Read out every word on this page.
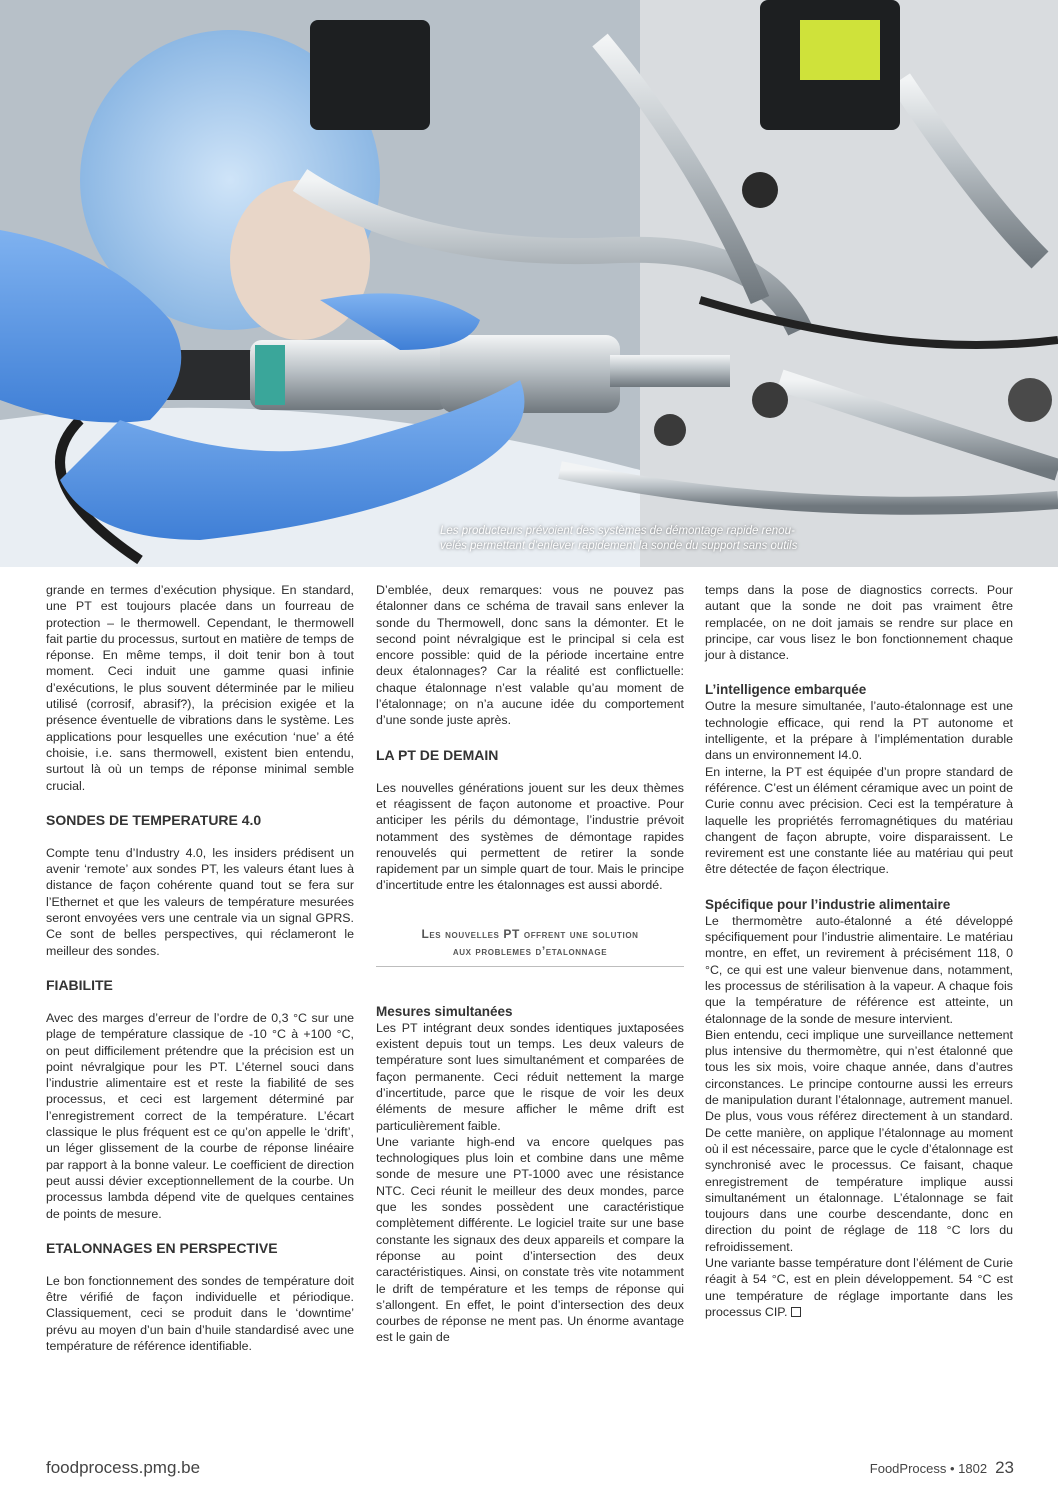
Les producteurs prévoient des systèmes de démontage rapide renou-
velés permettant d’enlever rapidement la sonde du support sans outils

grande en termes d’exécution physique. En standard, une PT est toujours placée dans un fourreau de protection – le thermowell. Cependant, le thermowell fait partie du processus, surtout en matière de temps de réponse. En même temps, il doit tenir bon à tout moment. Ceci induit une gamme quasi infinie d’exécutions, le plus souvent déterminée par le milieu utilisé (corrosif, abrasif?), la précision exigée et la présence éventuelle de vibrations dans le système. Les applications pour lesquelles une exécution ‘nue’ a été choisie, i.e. sans thermowell, existent bien entendu, surtout là où un temps de réponse minimal semble crucial.

SONDES DE TEMPERATURE 4.0

Compte tenu d’Industry 4.0, les insiders prédisent un avenir ‘remote’ aux sondes PT, les valeurs étant lues à distance de façon cohérente quand tout se fera sur l’Ethernet et que les valeurs de température mesurées seront envoyées vers une centrale via un signal GPRS. Ce sont de belles perspectives, qui réclameront le meilleur des sondes.

FIABILITE

Avec des marges d’erreur de l’ordre de 0,3 °C sur une plage de température classique de -10 °C à +100 °C, on peut difficilement prétendre que la précision est un point névralgique pour les PT. L’éternel souci dans l’industrie alimentaire est et reste la fiabilité de ses processus, et ceci est largement déterminé par l’enregistrement correct de la température. L’écart classique le plus fréquent est ce qu’on appelle le ‘drift’, un léger glissement de la courbe de réponse linéaire par rapport à la bonne valeur. Le coefficient de direction peut aussi dévier exceptionnellement de la courbe. Un processus lambda dépend vite de quelques centaines de points de mesure.

ETALONNAGES EN PERSPECTIVE

Le bon fonctionnement des sondes de température doit être vérifié de façon individuelle et périodique. Classiquement, ceci se produit dans le ‘downtime’ prévu au moyen d’un bain d’huile standardisé avec une température de référence identifiable.

D’emblée, deux remarques: vous ne pouvez pas étalonner dans ce schéma de travail sans enlever la sonde du Thermowell, donc sans la démonter. Et le second point névralgique est le principal si cela est encore possible: quid de la période incertaine entre deux étalonnages? Car la réalité est conflictuelle: chaque étalonnage n’est valable qu’au moment de l’étalonnage; on n’a aucune idée du comportement d’une sonde juste après.

LA PT DE DEMAIN

Les nouvelles générations jouent sur les deux thèmes et réagissent de façon autonome et proactive. Pour anticiper les périls du démontage, l’industrie prévoit notamment des systèmes de démontage rapides renouvelés qui permettent de retirer la sonde rapidement par un simple quart de tour. Mais le principe d’incertitude entre les étalonnages est aussi abordé.

Les nouvelles PT offrent une solution
aux problemes d’etalonnage
Mesures simultanées

Les PT intégrant deux sondes identiques juxtaposées existent depuis tout un temps. Les deux valeurs de température sont lues simultanément et comparées de façon permanente. Ceci réduit nettement la marge d’incertitude, parce que le risque de voir les deux éléments de mesure afficher le même drift est particulièrement faible.

Une variante high-end va encore quelques pas technologiques plus loin et combine dans une même sonde de mesure une PT-1000 avec une résistance NTC. Ceci réunit le meilleur des deux mondes, parce que les sondes possèdent une caractéristique complètement différente. Le logiciel traite sur une base constante les signaux des deux appareils et compare la réponse au point d’intersection des deux caractéristiques. Ainsi, on constate très vite notamment le drift de température et les temps de réponse qui s’allongent. En effet, le point d’intersection des deux courbes de réponse ne ment pas. Un énorme avantage est le gain de

temps dans la pose de diagnostics corrects. Pour autant que la sonde ne doit pas vraiment être remplacée, on ne doit jamais se rendre sur place en principe, car vous lisez le bon fonctionnement chaque jour à distance.

L’intelligence embarquée

Outre la mesure simultanée, l’auto-étalonnage est une technologie efficace, qui rend la PT autonome et intelligente, et la prépare à l’implémentation durable dans un environnement I4.0.

En interne, la PT est équipée d’un propre standard de référence. C’est un élément céramique avec un point de Curie connu avec précision. Ceci est la température à laquelle les propriétés ferromagnétiques du matériau changent de façon abrupte, voire disparaissent. Le revirement est une constante liée au matériau qui peut être détectée de façon électrique.

Spécifique pour l’industrie alimentaire

Le thermomètre auto-étalonné a été développé spécifiquement pour l’industrie alimentaire. Le matériau montre, en effet, un revirement à précisément 118, 0 °C, ce qui est une valeur bienvenue dans, notamment, les processus de stérilisation à la vapeur. A chaque fois que la température de référence est atteinte, un étalonnage de la sonde de mesure intervient.

Bien entendu, ceci implique une surveillance nettement plus intensive du thermomètre, qui n’est étalonné que tous les six mois, voire chaque année, dans d’autres circonstances. Le principe contourne aussi les erreurs de manipulation durant l’étalonnage, autrement manuel. De plus, vous vous référez directement à un standard. De cette manière, on applique l’étalonnage au moment où il est nécessaire, parce que le cycle d’étalonnage est synchronisé avec le processus. Ce faisant, chaque enregistrement de température implique aussi simultanément un étalonnage. L’étalonnage se fait toujours dans une courbe descendante, donc en direction du point de réglage de 118 °C lors du refroidissement.

Une variante basse température dont l’élément de Curie réagit à 54 °C, est en plein développement. 54 °C est une température de réglage importante dans les processus CIP.

foodprocess.pmg.be	FoodProcess • 1802 23
